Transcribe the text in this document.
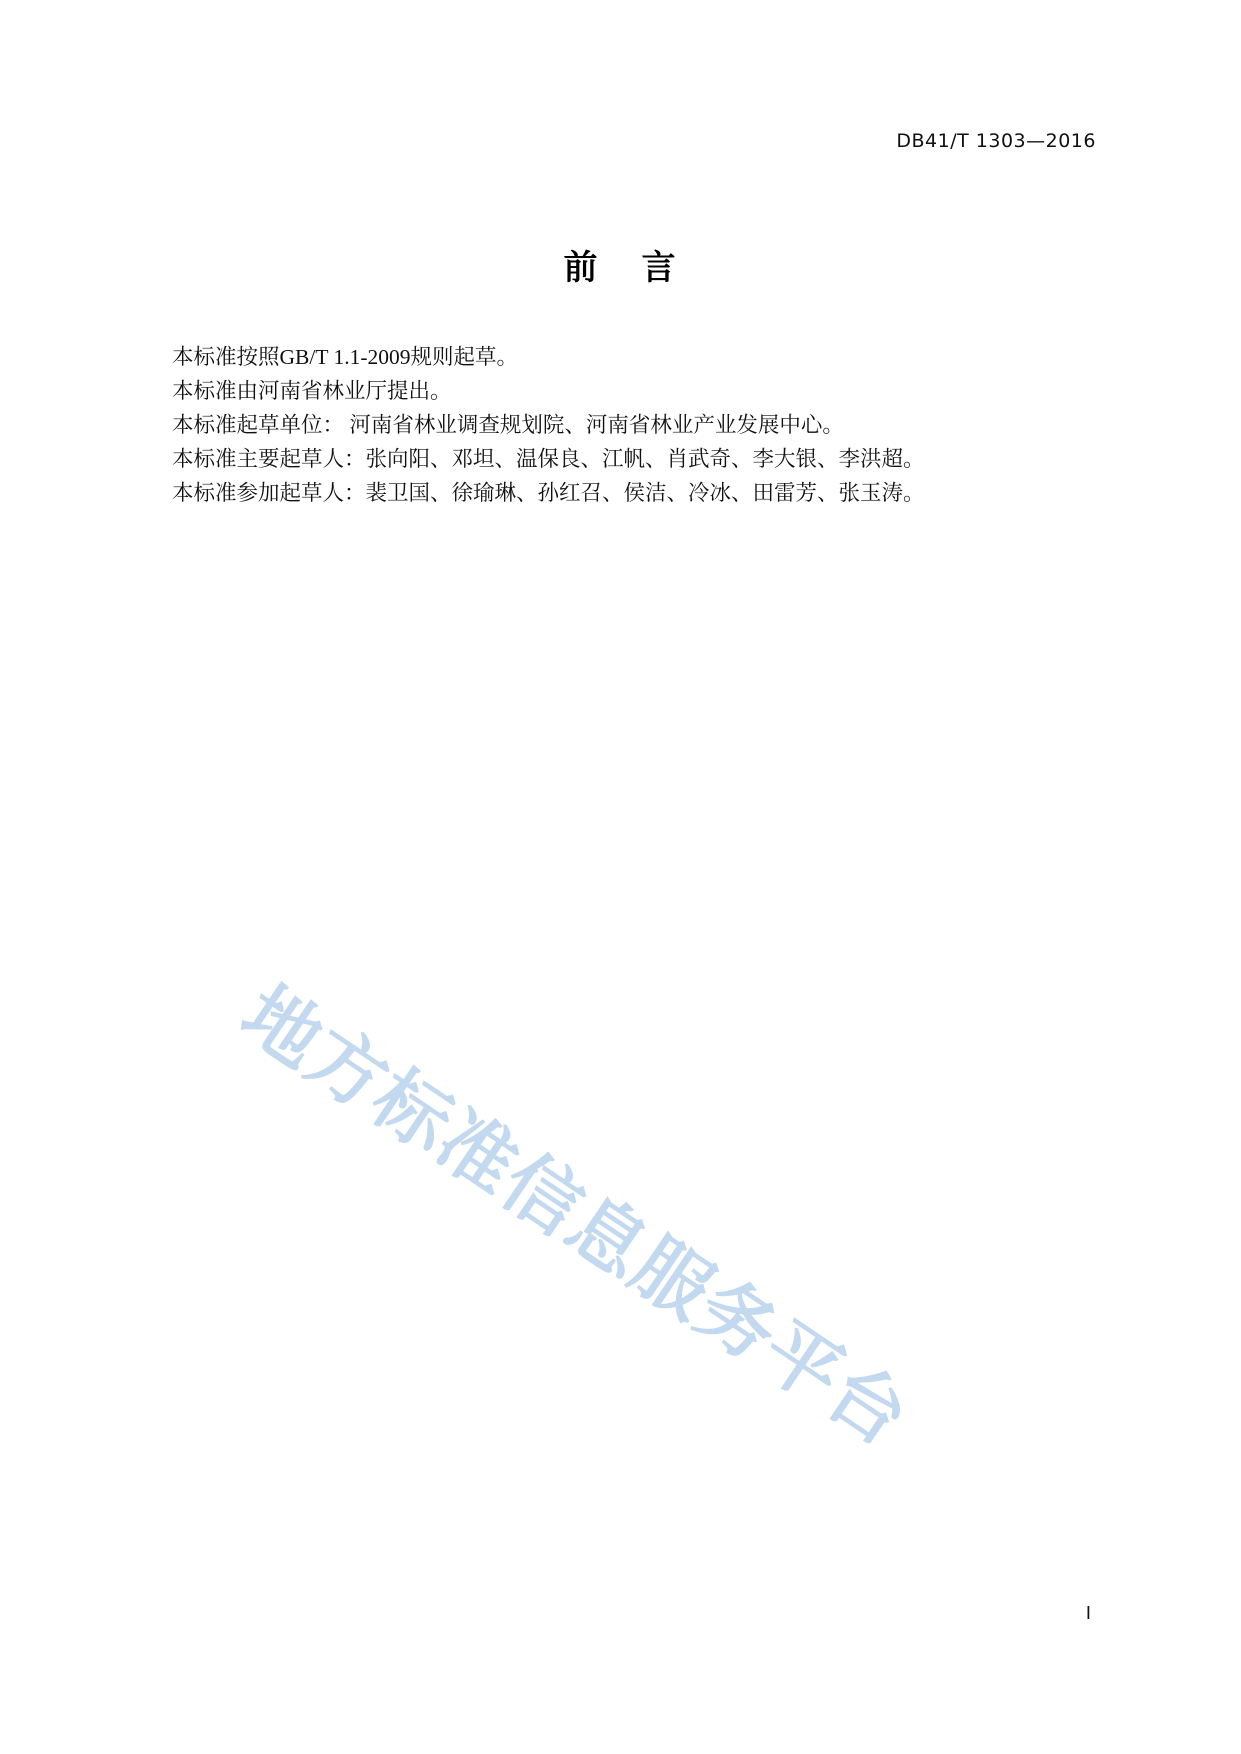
DB41/T 1303—2016
前 言

本标准按照GB/T 1.1-2009规则起草。

本标准由河南省林业厅提出。

本标准起草单位： 河南省林业调查规划院、河南省林业产业发展中心。

本标准主要起草人：张向阳、邓坦、温保良、江帆、肖武奇、李大银、李洪超。

本标准参加起草人：裴卫国、徐瑜琳、孙红召、侯洁、冷冰、田雷芳、张玉涛。

地
方
标
准
信
息
服
务
平
台
I
